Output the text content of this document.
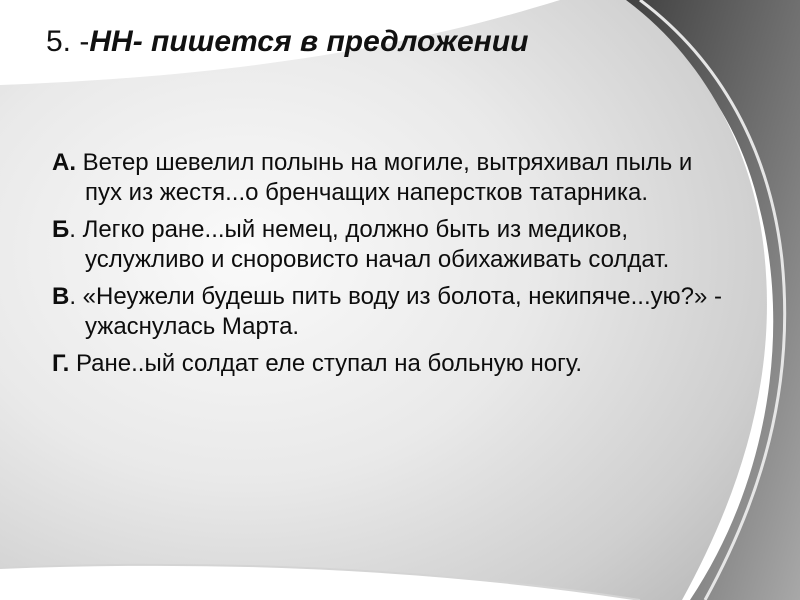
5. -НН- пишется в предложении
А. Ветер шевелил полынь на могиле, вытряхивал пыль и пух из жестя...о бренчащих наперстков татарника.
Б. Легко ране...ый немец, должно быть из медиков, услужливо и сноровисто начал обихаживать солдат.
В. «Неужели будешь пить воду из болота, некипяче...ую?» - ужаснулась Марта.
Г. Ране..ый солдат еле ступал на больную ногу.
